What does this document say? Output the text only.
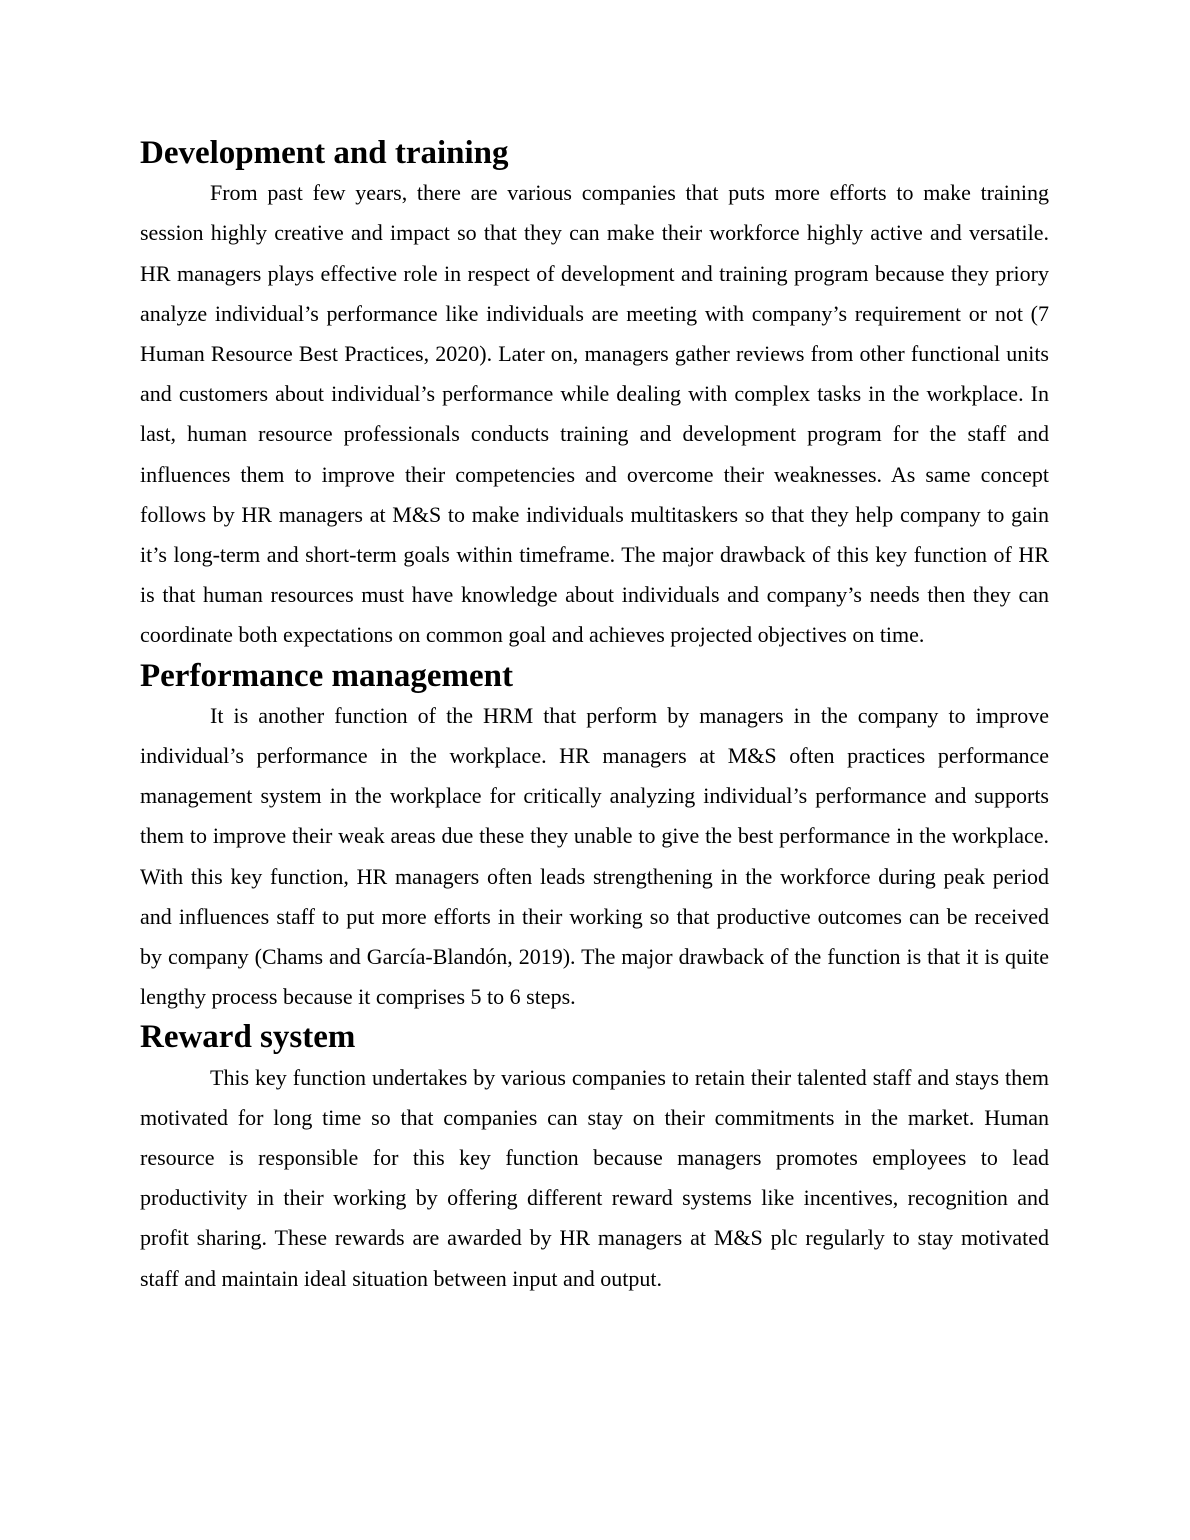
Development and training

From past few years, there are various companies that puts more efforts to make training session highly creative and impact so that they can make their workforce highly active and versatile. HR managers plays effective role in respect of development and training program because they priory analyze individual’s performance like individuals are meeting with company’s requirement or not (7 Human Resource Best Practices, 2020). Later on, managers gather reviews from other functional units and customers about individual’s performance while dealing with complex tasks in the workplace. In last, human resource professionals conducts training and development program for the staff and influences them to improve their competencies and overcome their weaknesses. As same concept follows by HR managers at M&S to make individuals multitaskers so that they help company to gain it’s long-term and short-term goals within timeframe. The major drawback of this key function of HR is that human resources must have knowledge about individuals and company’s needs then they can coordinate both expectations on common goal and achieves projected objectives on time.

Performance management

It is another function of the HRM that perform by managers in the company to improve individual’s performance in the workplace. HR managers at M&S often practices performance management system in the workplace for critically analyzing individual’s performance and supports them to improve their weak areas due these they unable to give the best performance in the workplace. With this key function, HR managers often leads strengthening in the workforce during peak period and influences staff to put more efforts in their working so that productive outcomes can be received by company (Chams and García-Blandón, 2019). The major drawback of the function is that it is quite lengthy process because it comprises 5 to 6 steps.

Reward system

This key function undertakes by various companies to retain their talented staff and stays them motivated for long time so that companies can stay on their commitments in the market. Human resource is responsible for this key function because managers promotes employees to lead productivity in their working by offering different reward systems like incentives, recognition and profit sharing. These rewards are awarded by HR managers at M&S plc regularly to stay motivated staff and maintain ideal situation between input and output.
